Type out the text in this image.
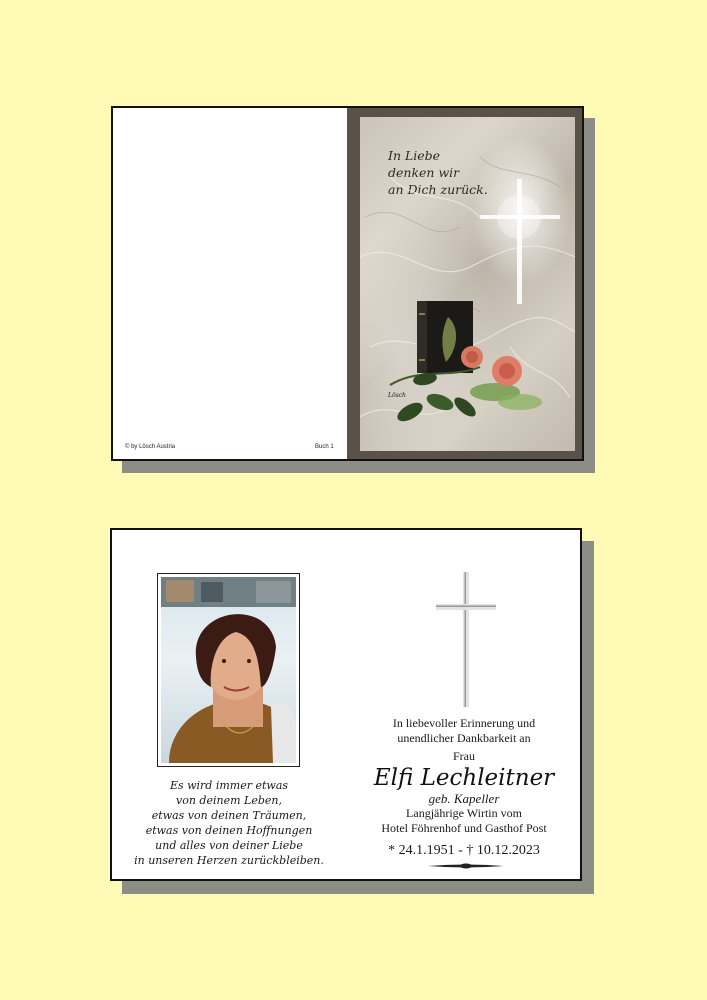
© by Lösch Austria	Buch 1
In Liebe
denken wir
an Dich zurück.
Lösch
Es wird immer etwas
von deinem Leben,
etwas von deinen Träumen,
etwas von deinen Hoffnungen
und alles von deiner Liebe
in unseren Herzen zurückbleiben.
In liebevoller Erinnerung und
unendlicher Dankbarkeit an
Frau
Elfi Lechleitner
geb. Kapeller
Langjährige Wirtin vom
Hotel Föhrenhof und Gasthof Post
* 24.1.1951 - † 10.12.2023
